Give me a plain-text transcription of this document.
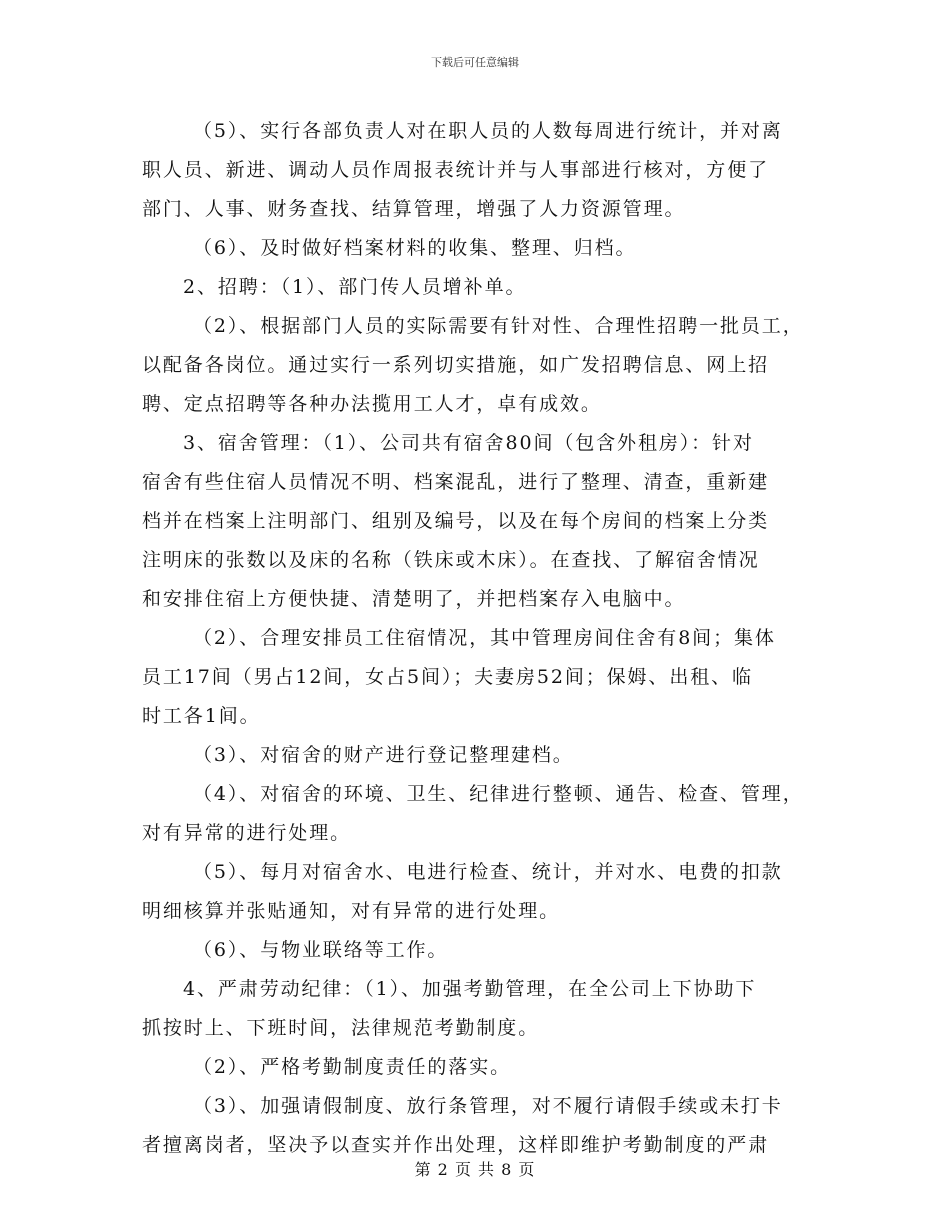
下载后可任意编辑

（5）、实行各部负责人对在职人员的人数每周进行统计，并对离
职人员、新进、调动人员作周报表统计并与人事部进行核对，方便了
部门、人事、财务查找、结算管理，增强了人力资源管理。

（6）、及时做好档案材料的收集、整理、归档。

2、招聘：（1）、部门传人员增补单。

（2）、根据部门人员的实际需要有针对性、合理性招聘一批员工，
以配备各岗位。通过实行一系列切实措施，如广发招聘信息、网上招
聘、定点招聘等各种办法揽用工人才，卓有成效。

3、宿舍管理：（1）、公司共有宿舍80间（包含外租房）：针对
宿舍有些住宿人员情况不明、档案混乱，进行了整理、清查，重新建
档并在档案上注明部门、组别及编号，以及在每个房间的档案上分类
注明床的张数以及床的名称（铁床或木床）。在查找、了解宿舍情况
和安排住宿上方便快捷、清楚明了，并把档案存入电脑中。

（2）、合理安排员工住宿情况，其中管理房间住舍有8间；集体
员工17间（男占12间，女占5间）；夫妻房52间；保姆、出租、临
时工各1间。

（3）、对宿舍的财产进行登记整理建档。

（4）、对宿舍的环境、卫生、纪律进行整顿、通告、检查、管理，
对有异常的进行处理。

（5）、每月对宿舍水、电进行检查、统计，并对水、电费的扣款
明细核算并张贴通知，对有异常的进行处理。

（6）、与物业联络等工作。

4、严肃劳动纪律：（1）、加强考勤管理，在全公司上下协助下
抓按时上、下班时间，法律规范考勤制度。

（2）、严格考勤制度责任的落实。

（3）、加强请假制度、放行条管理，对不履行请假手续或未打卡
者擅离岗者，坚决予以查实并作出处理，这样即维护考勤制度的严肃

第 2 页 共 8 页
